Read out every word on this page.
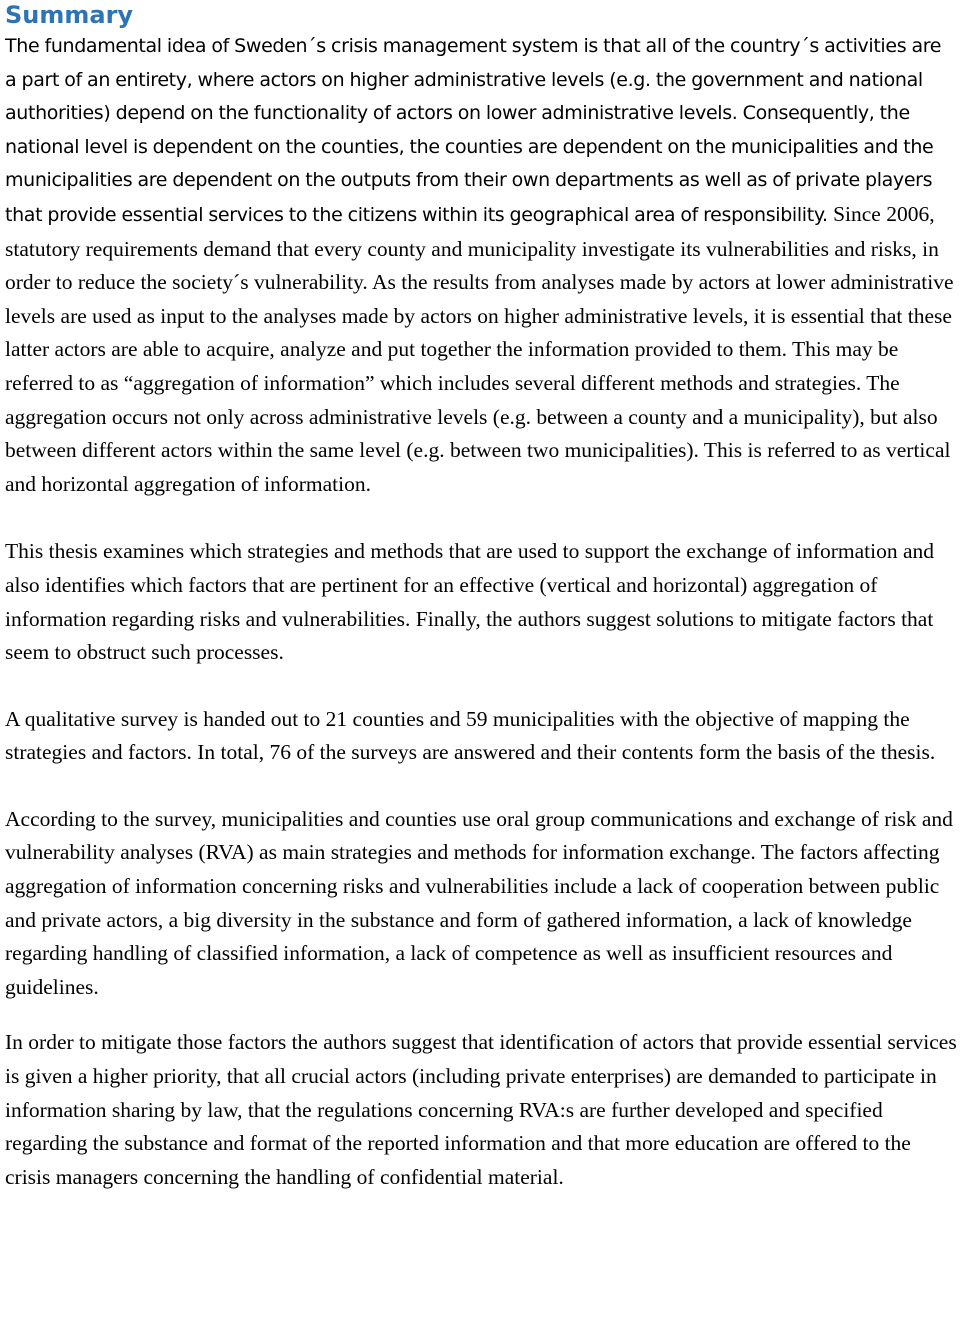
Summary

The fundamental idea of Sweden´s crisis management system is that all of the country´s activities are a part of an entirety, where actors on higher administrative levels (e.g. the government and national authorities) depend on the functionality of actors on lower administrative levels. Consequently, the national level is dependent on the counties, the counties are dependent on the municipalities and the municipalities are dependent on the outputs from their own departments as well as of private players that provide essential services to the citizens within its geographical area of responsibility. Since 2006, statutory requirements demand that every county and municipality investigate its vulnerabilities and risks, in order to reduce the society´s vulnerability. As the results from analyses made by actors at lower administrative levels are used as input to the analyses made by actors on higher administrative levels, it is essential that these latter actors are able to acquire, analyze and put together the information provided to them. This may be referred to as “aggregation of information” which includes several different methods and strategies. The aggregation occurs not only across administrative levels (e.g. between a county and a municipality), but also between different actors within the same level (e.g. between two municipalities). This is referred to as vertical and horizontal aggregation of information.

This thesis examines which strategies and methods that are used to support the exchange of information and also identifies which factors that are pertinent for an effective (vertical and horizontal) aggregation of information regarding risks and vulnerabilities. Finally, the authors suggest solutions to mitigate factors that seem to obstruct such processes.

A qualitative survey is handed out to 21 counties and 59 municipalities with the objective of mapping the strategies and factors. In total, 76 of the surveys are answered and their contents form the basis of the thesis.

According to the survey, municipalities and counties use oral group communications and exchange of risk and vulnerability analyses (RVA) as main strategies and methods for information exchange. The factors affecting aggregation of information concerning risks and vulnerabilities include a lack of cooperation between public and private actors, a big diversity in the substance and form of gathered information, a lack of knowledge regarding handling of classified information, a lack of competence as well as insufficient resources and guidelines.

In order to mitigate those factors the authors suggest that identification of actors that provide essential services is given a higher priority, that all crucial actors (including private enterprises) are demanded to participate in information sharing by law, that the regulations concerning RVA:s are further developed and specified regarding the substance and format of the reported information and that more education are offered to the crisis managers concerning the handling of confidential material.
